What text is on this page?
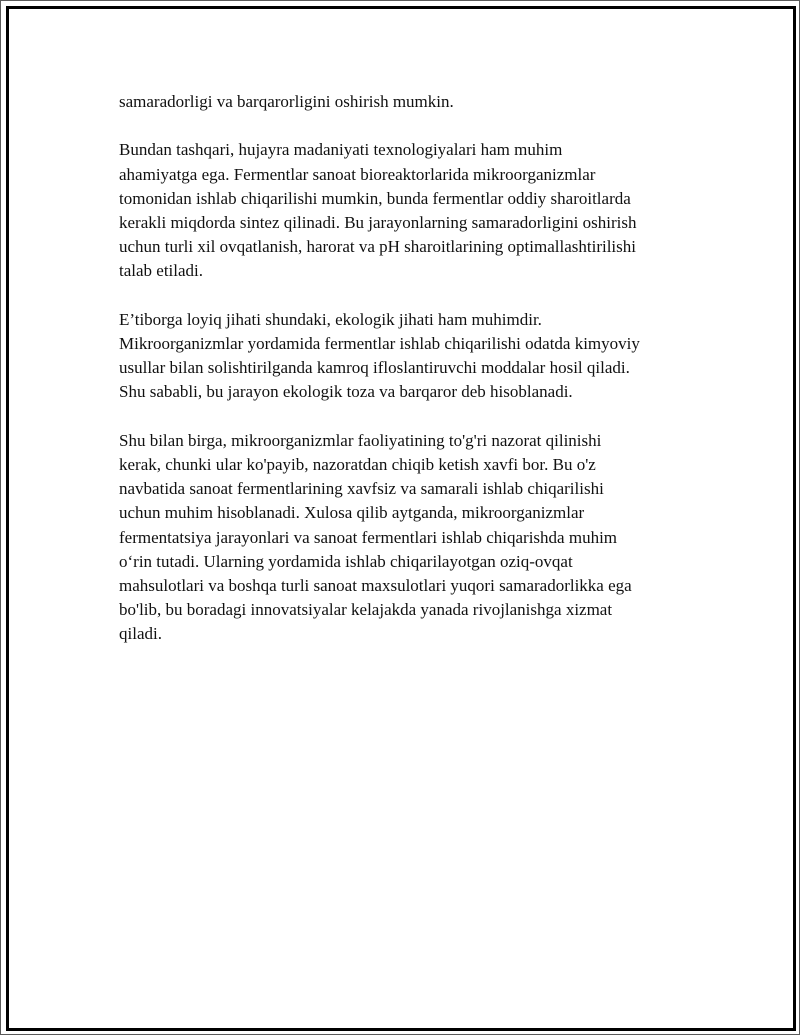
samaradorligi va barqarorligini oshirish mumkin.

Bundan tashqari, hujayra madaniyati texnologiyalari ham muhim
ahamiyatga ega. Fermentlar sanoat bioreaktorlarida mikroorganizmlar
tomonidan ishlab chiqarilishi mumkin, bunda fermentlar oddiy sharoitlarda
kerakli miqdorda sintez qilinadi. Bu jarayonlarning samaradorligini oshirish
uchun turli xil ovqatlanish, harorat va pH sharoitlarining optimallashtirilishi
talab etiladi.

E’tiborga loyiq jihati shundaki, ekologik jihati ham muhimdir.
Mikroorganizmlar yordamida fermentlar ishlab chiqarilishi odatda kimyoviy
usullar bilan solishtirilganda kamroq ifloslantiruvchi moddalar hosil qiladi.
Shu sababli, bu jarayon ekologik toza va barqaror deb hisoblanadi.

Shu bilan birga, mikroorganizmlar faoliyatining to'g'ri nazorat qilinishi
kerak, chunki ular ko'payib, nazoratdan chiqib ketish xavfi bor. Bu o'z
navbatida sanoat fermentlarining xavfsiz va samarali ishlab chiqarilishi
uchun muhim hisoblanadi. Xulosa qilib aytganda, mikroorganizmlar
fermentatsiya jarayonlari va sanoat fermentlari ishlab chiqarishda muhim
o‘rin tutadi. Ularning yordamida ishlab chiqarilayotgan oziq-ovqat
mahsulotlari va boshqa turli sanoat maxsulotlari yuqori samaradorlikka ega
bo'lib, bu boradagi innovatsiyalar kelajakda yanada rivojlanishga xizmat
qiladi.
